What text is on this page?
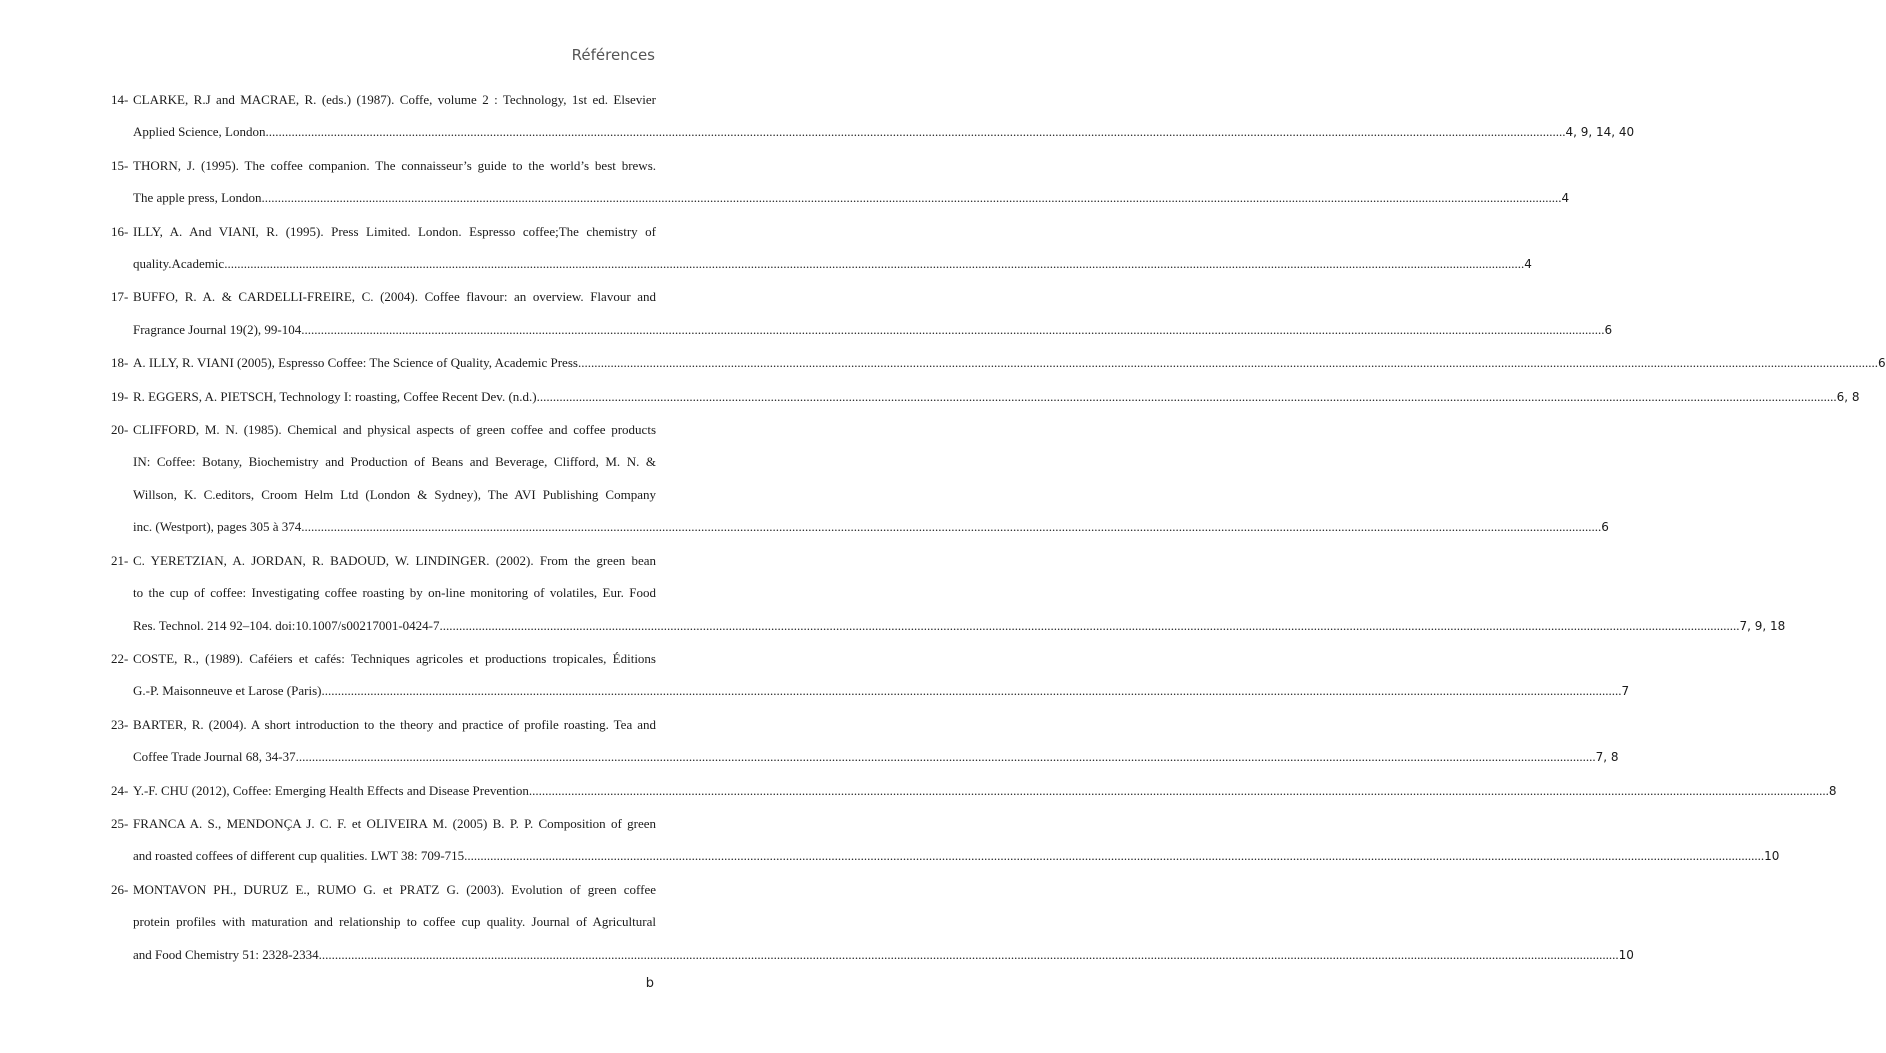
Références
14- CLARKE, R.J and MACRAE, R. (eds.) (1987). Coffe, volume 2 : Technology, 1st ed. Elsevier
Applied Science, London ................................................................................................................................................................................................................................................................................................................................................................................................................ 4, 9, 14, 40
15- THORN, J. (1995). The coffee companion. The connaisseur’s guide to the world’s best brews.
The apple press, London ................................................................................................................................................................................................................................................................................................................................................................................................................ 4
16- ILLY, A. And VIANI, R. (1995). Press Limited. London. Espresso coffee;The chemistry of
quality.Academic ................................................................................................................................................................................................................................................................................................................................................................................................................ 4
17- BUFFO, R. A. & CARDELLI-FREIRE, C. (2004). Coffee flavour: an overview. Flavour and
Fragrance Journal 19(2), 99-104. ................................................................................................................................................................................................................................................................................................................................................................................................................ 6
18- A. ILLY, R. VIANI (2005), Espresso Coffee: The Science of Quality, Academic Press ................................................................................................................................................................................................................................................................................................................................................................................................................ 6
19- R. EGGERS, A. PIETSCH, Technology I: roasting, Coffee Recent Dev. (n.d.) ................................................................................................................................................................................................................................................................................................................................................................................................................ 6, 8
20- CLIFFORD, M. N. (1985). Chemical and physical aspects of green coffee and coffee products
IN: Coffee: Botany, Biochemistry and Production of Beans and Beverage, Clifford, M. N. &
Willson, K. C.editors, Croom Helm Ltd (London & Sydney), The AVI Publishing Company
inc. (Westport), pages 305 à 374 ................................................................................................................................................................................................................................................................................................................................................................................................................ 6
21- C. YERETZIAN, A. JORDAN, R. BADOUD, W. LINDINGER. (2002). From the green bean
to the cup of coffee: Investigating coffee roasting by on-line monitoring of volatiles, Eur. Food
Res. Technol. 214 92–104. doi:10.1007/s00217001-0424-7 ................................................................................................................................................................................................................................................................................................................................................................................................................ 7, 9, 18
22- COSTE, R., (1989). Caféiers et cafés: Techniques agricoles et productions tropicales, Éditions
G.-P. Maisonneuve et Larose (Paris) ................................................................................................................................................................................................................................................................................................................................................................................................................ 7
23- BARTER, R. (2004). A short introduction to the theory and practice of profile roasting. Tea and
Coffee Trade Journal 68, 34-37 ................................................................................................................................................................................................................................................................................................................................................................................................................ 7, 8
24- Y.-F. CHU (2012), Coffee: Emerging Health Effects and Disease Prevention ................................................................................................................................................................................................................................................................................................................................................................................................................ 8
25- FRANCA A. S., MENDONÇA J. C. F. et OLIVEIRA M. (2005) B. P. P. Composition of green
and roasted coffees of different cup qualities. LWT 38: 709-715 ................................................................................................................................................................................................................................................................................................................................................................................................................ 10
26- MONTAVON PH., DURUZ E., RUMO G. et PRATZ G. (2003). Evolution of green coffee
protein profiles with maturation and relationship to coffee cup quality. Journal of Agricultural
and Food Chemistry 51: 2328-2334 ................................................................................................................................................................................................................................................................................................................................................................................................................ 10
b
